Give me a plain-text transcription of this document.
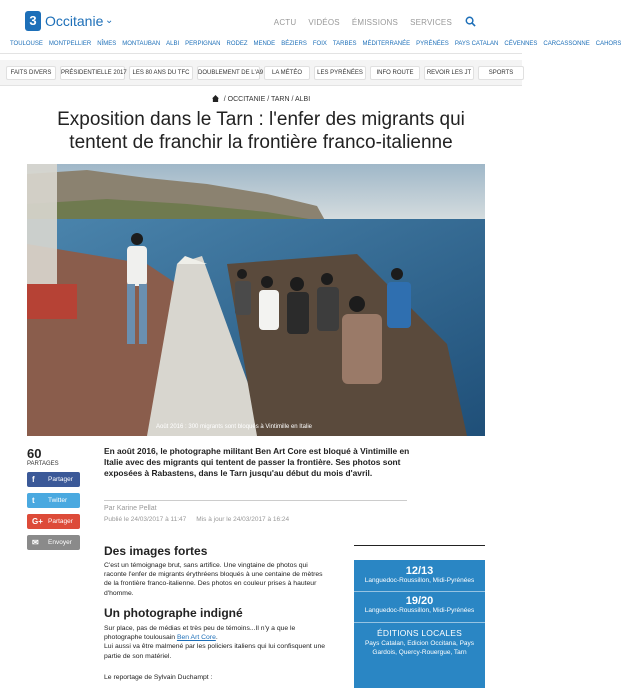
3 Occitanie ⌄	ACTU VIDÉOS ÉMISSIONS SERVICES
TOULOUSE MONTPELLIER NÎMES MONTAUBAN ALBI PERPIGNAN RODEZ MENDE BÉZIERS FOIX TARBES MÉDITERRANÉE PYRÉNÉES PAYS CATALAN CÉVENNES CARCASSONNE CAHORS
FAITS DIVERS	PRÉSIDENTIELLE 2017 LES 80 ANS DU TFC	DOUBLEMENT DE L'A9	LA MÉTÉO	LES PYRÉNÉES	INFO ROUTE	REVOIR LES JT	SPORTS
/ OCCITANIE / TARN / ALBI
Exposition dans le Tarn : l'enfer des migrants qui tentent de franchir la frontière franco-italienne
Août 2016 : 300 migrants sont bloqués à Vintimille en Italie
60
PARTAGES
f Partager
t Twitter
G+ Partager
✉ Envoyer

En août 2016, le photographe militant Ben Art Core est bloqué à Vintimille en Italie avec des migrants qui tentent de passer la frontière. Ses photos sont exposées à Rabastens, dans le Tarn jusqu'au début du mois d'avril.

Par Karine Pellat
Publié le 24/03/2017 à 11:47 Mis à jour le 24/03/2017 à 16:24
Des images fortes

C'est un témoignage brut, sans artifice. Une vingtaine de photos qui raconte l'enfer de migrants érythréens bloqués à une centaine de mètres de la frontière franco-italienne. Des photos en couleur prises à hauteur d'homme.

Un photographe indigné

Sur place, pas de médias et très peu de témoins...Il n'y a que le photographe toulousain Ben Art Core.
Lui aussi va être malmené par les policiers italiens qui lui confisquent une partie de son matériel.

Le reportage de Sylvain Duchampt :

12/13
Languedoc-Roussillon, Midi-Pyrénées
19/20
Languedoc-Roussillon, Midi-Pyrénées
ÉDITIONS LOCALES
Pays Catalan, Edicion Occitana, Pays Gardois, Quercy-Rouergue, Tarn
